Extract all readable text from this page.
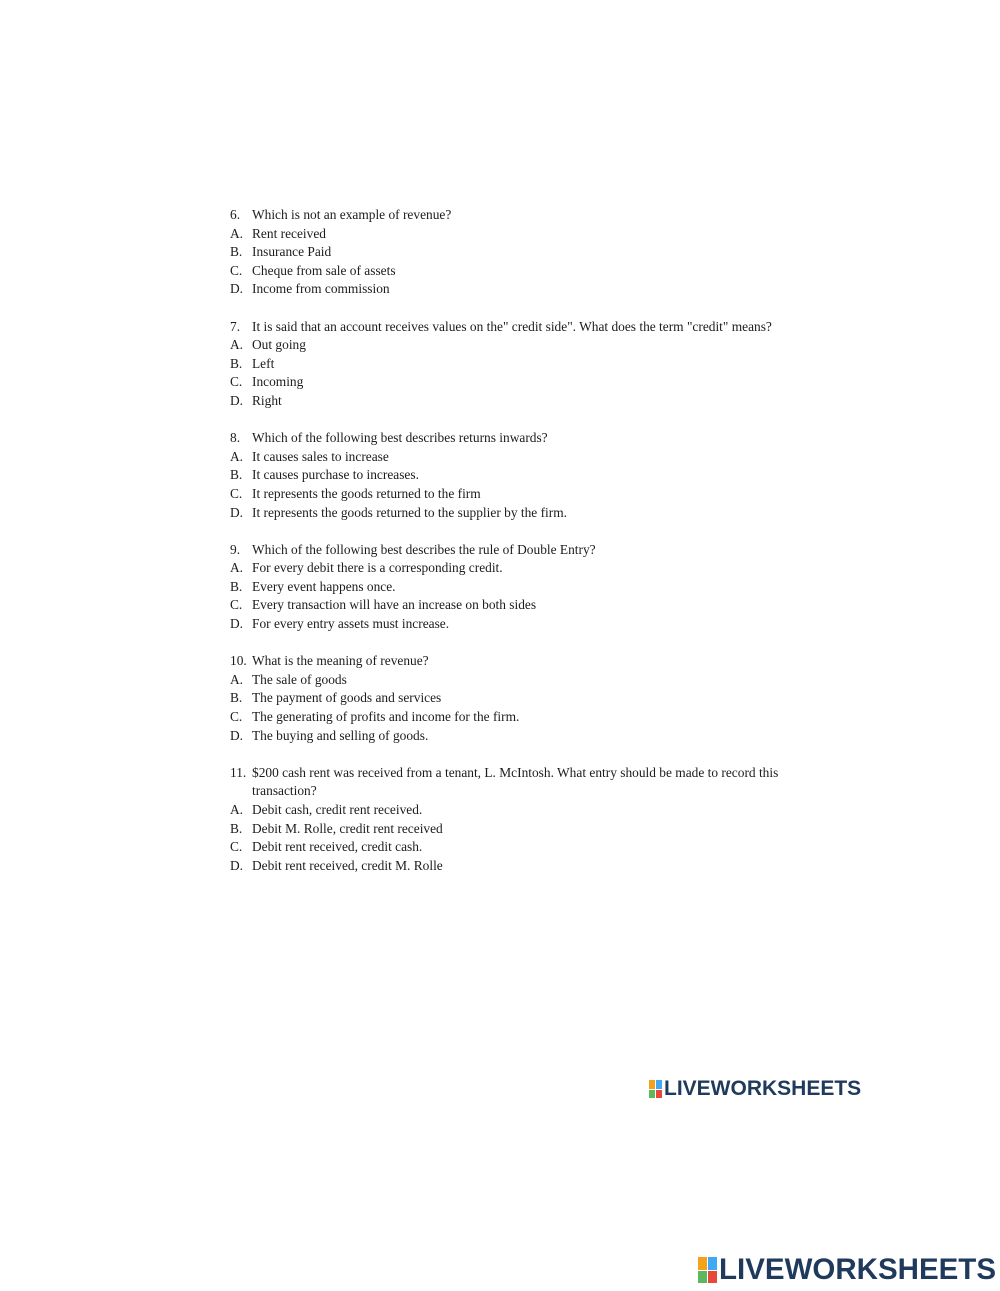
6. Which is not an example of revenue?
A. Rent received
B. Insurance Paid
C. Cheque from sale of assets
D. Income from commission
7. It is said that an account receives values on the" credit side". What does the term "credit" means?
A. Out going
B. Left
C. Incoming
D. Right
8. Which of the following best describes returns inwards?
A. It causes sales to increase
B. It causes purchase to increases.
C. It represents the goods returned to the firm
D. It represents the goods returned to the supplier by the firm.
9. Which of the following best describes the rule of Double Entry?
A. For every debit there is a corresponding credit.
B. Every event happens once.
C. Every transaction will have an increase on both sides
D. For every entry assets must increase.
10. What is the meaning of revenue?
A. The sale of goods
B. The payment of goods and services
C. The generating of profits and income for the firm.
D. The buying and selling of goods.
11. $200 cash rent was received from a tenant, L. McIntosh. What entry should be made to record this transaction?
A. Debit cash, credit rent received.
B. Debit M. Rolle, credit rent received
C. Debit rent received, credit cash.
D. Debit rent received, credit M. Rolle
LIVEWORKSHEETS
LIVEWORKSHEETS
